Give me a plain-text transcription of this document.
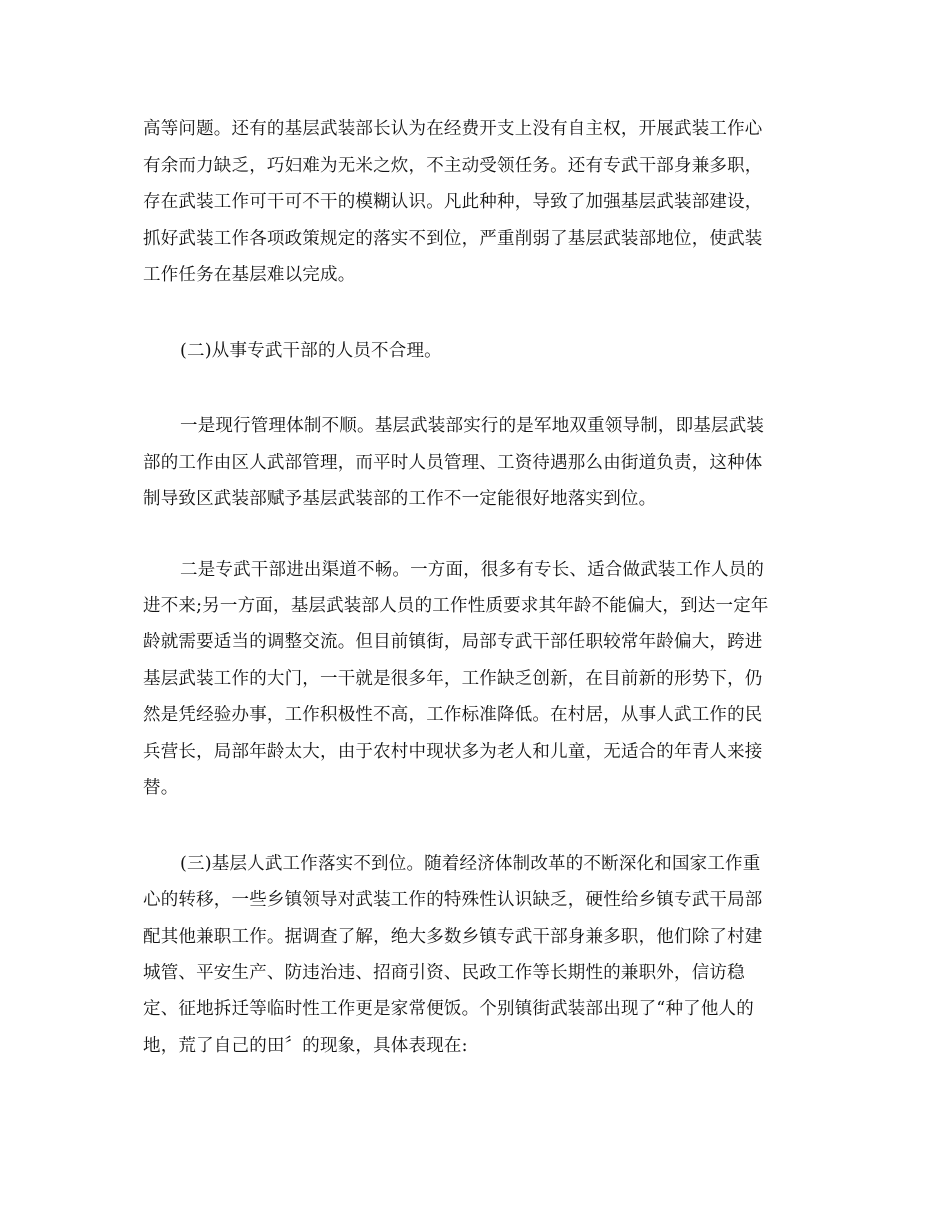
高等问题。还有的基层武装部长认为在经费开支上没有自主权，开展武装工作心
有余而力缺乏，巧妇难为无米之炊，不主动受领任务。还有专武干部身兼多职，
存在武装工作可干可不干的模糊认识。凡此种种，导致了加强基层武装部建设，
抓好武装工作各项政策规定的落实不到位，严重削弱了基层武装部地位，使武装
工作任务在基层难以完成。
(二)从事专武干部的人员不合理。
一是现行管理体制不顺。基层武装部实行的是军地双重领导制，即基层武装
部的工作由区人武部管理，而平时人员管理、工资待遇那么由街道负责，这种体
制导致区武装部赋予基层武装部的工作不一定能很好地落实到位。
二是专武干部进出渠道不畅。一方面，很多有专长、适合做武装工作人员的
进不来;另一方面，基层武装部人员的工作性质要求其年龄不能偏大，到达一定年
龄就需要适当的调整交流。但目前镇街，局部专武干部任职较常年龄偏大，跨进
基层武装工作的大门，一干就是很多年，工作缺乏创新，在目前新的形势下，仍
然是凭经验办事，工作积极性不高，工作标准降低。在村居，从事人武工作的民
兵营长，局部年龄太大，由于农村中现状多为老人和儿童，无适合的年青人来接
替。
(三)基层人武工作落实不到位。随着经济体制改革的不断深化和国家工作重
心的转移，一些乡镇领导对武装工作的特殊性认识缺乏，硬性给乡镇专武干局部
配其他兼职工作。据调查了解，绝大多数乡镇专武干部身兼多职，他们除了村建
城管、平安生产、防违治违、招商引资、民政工作等长期性的兼职外，信访稳
定、征地拆迁等临时性工作更是家常便饭。个别镇街武装部出现了“种了他人的
地，荒了自己的田〞的现象，具体表现在:
